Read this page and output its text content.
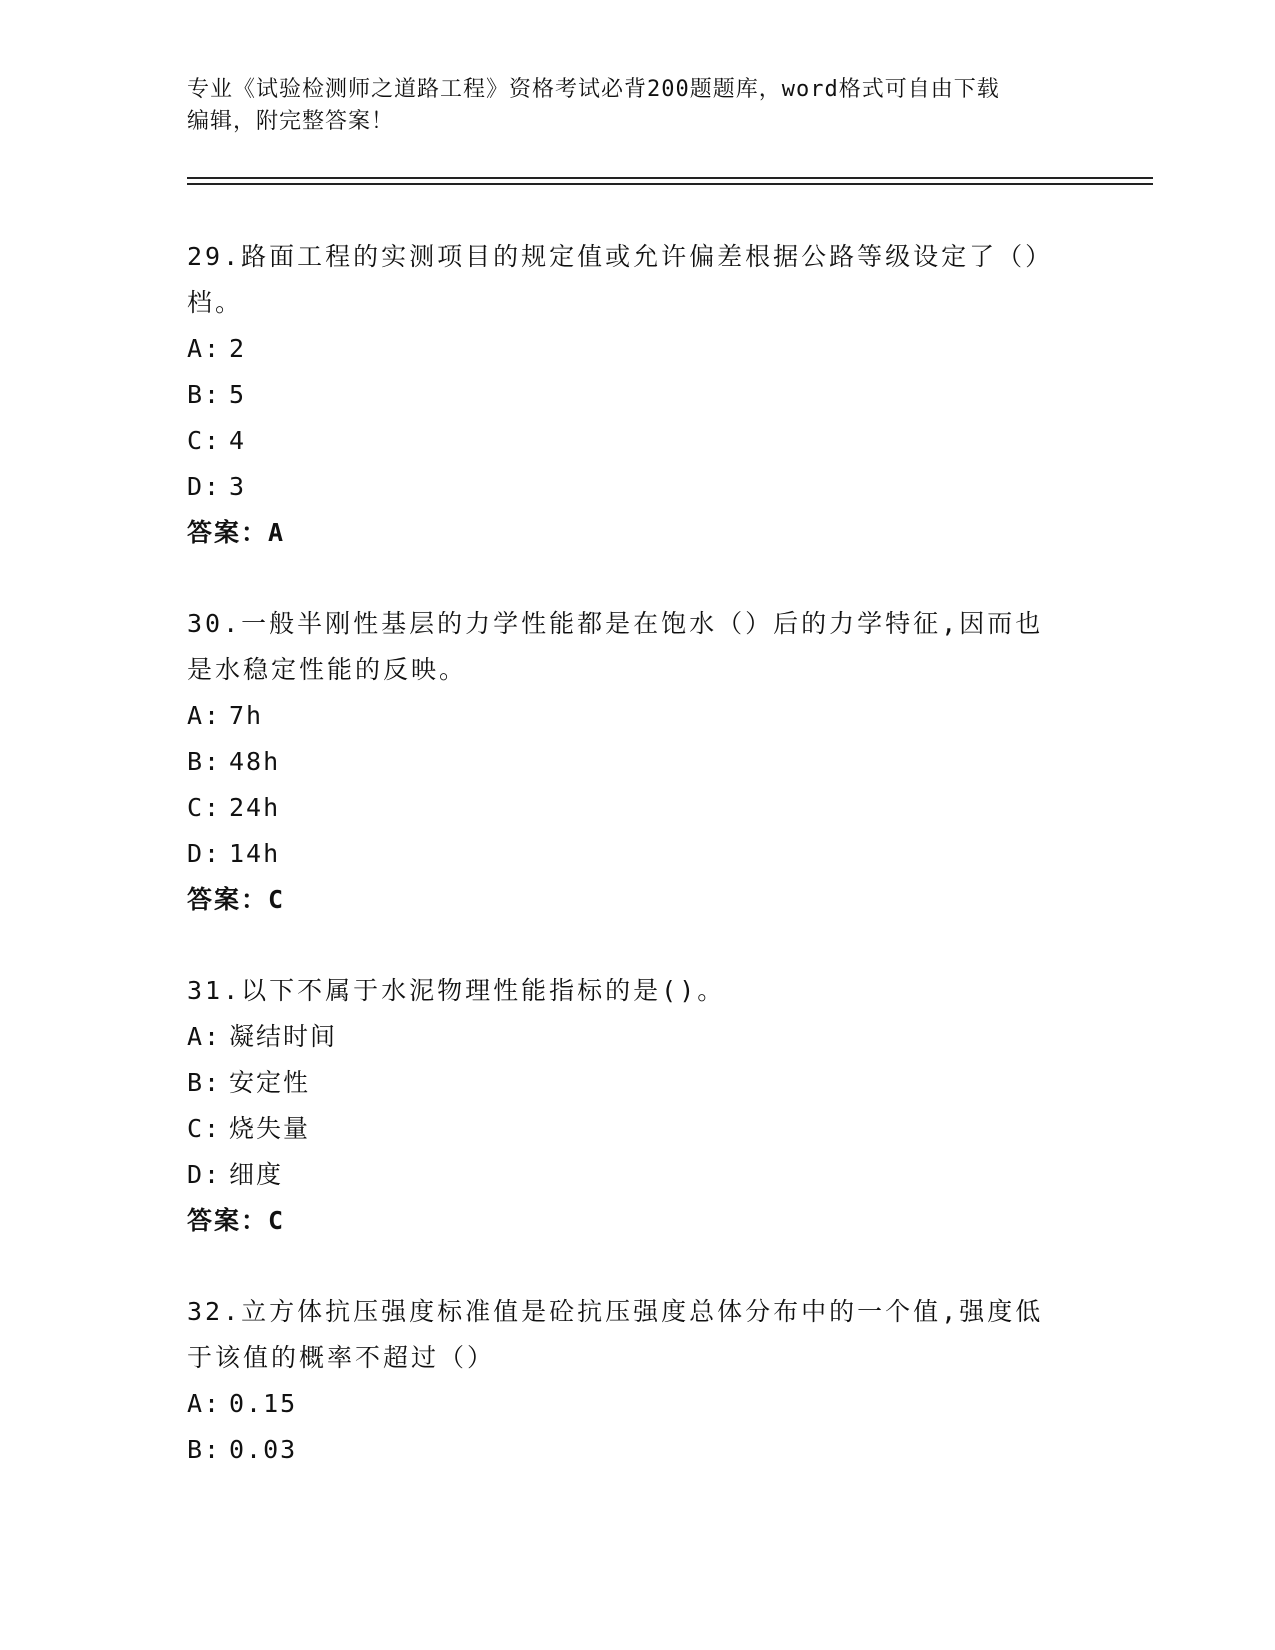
专业《试验检测师之道路工程》资格考试必背200题题库，word格式可自由下载
编辑，附完整答案！

29.路面工程的实测项目的规定值或允许偏差根据公路等级设定了（）档。

A: 2

B: 5

C: 4

D: 3

答案：A

30.一般半刚性基层的力学性能都是在饱水（）后的力学特征,因而也是水稳定性能的反映。

A: 7h

B: 48h

C: 24h

D: 14h

答案：C

31.以下不属于水泥物理性能指标的是()。

A: 凝结时间

B: 安定性

C: 烧失量

D: 细度

答案：C

32.立方体抗压强度标准值是砼抗压强度总体分布中的一个值,强度低于该值的概率不超过（）

A: 0.15

B: 0.03
